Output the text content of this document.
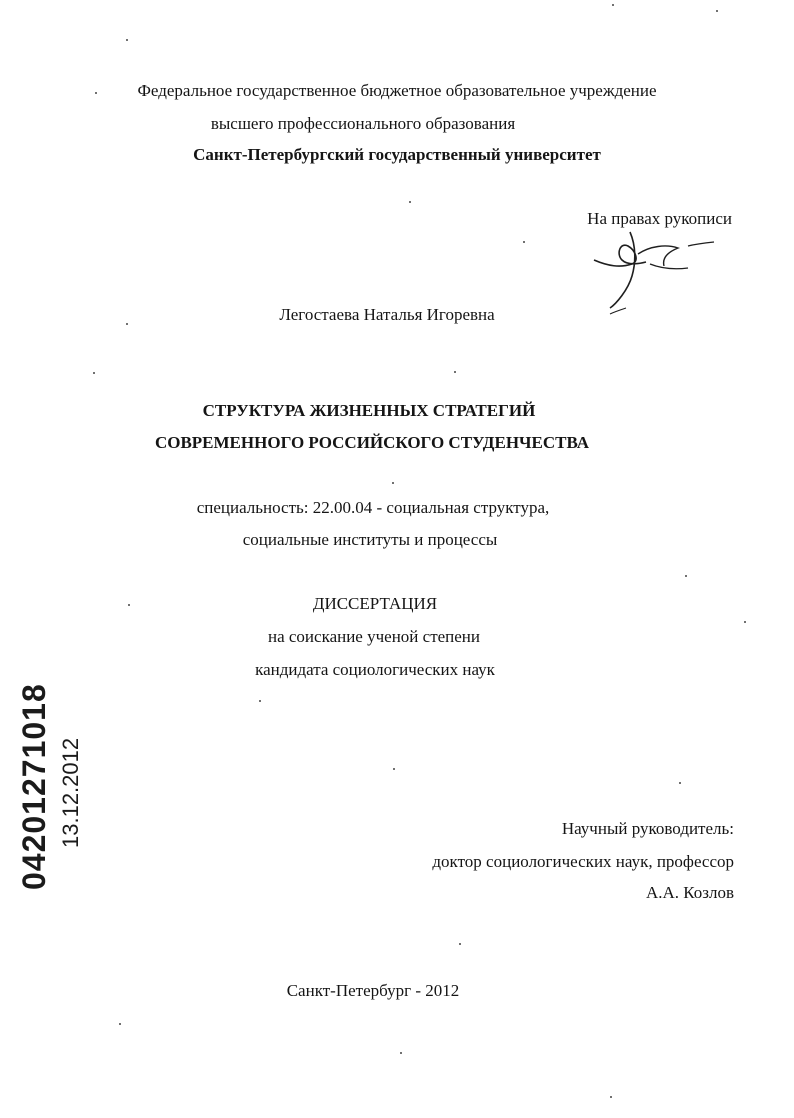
Федеральное государственное бюджетное образовательное учреждение
высшего профессионального образования
Санкт-Петербургский государственный университет
На правах рукописи
Легостаева Наталья Игоревна
СТРУКТУРА ЖИЗНЕННЫХ СТРАТЕГИЙ
СОВРЕМЕННОГО РОССИЙСКОГО СТУДЕНЧЕСТВА
специальность: 22.00.04 - социальная структура,
социальные институты и процессы
ДИССЕРТАЦИЯ
на соискание ученой степени
кандидата социологических наук
Научный руководитель:
доктор социологических наук, профессор
А.А. Козлов
Санкт-Петербург - 2012
04201271018 13.12.2012
